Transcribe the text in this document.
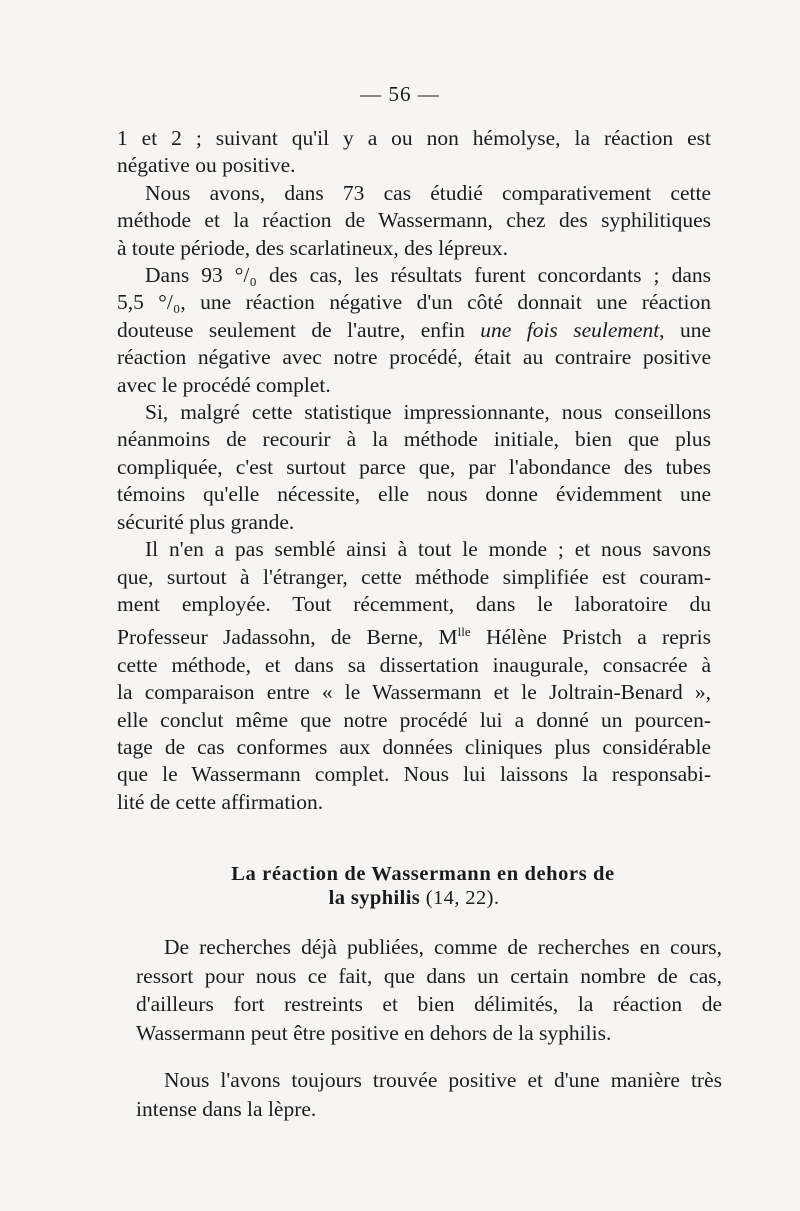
— 56 —

1 et 2 ; suivant qu'il y a ou non hémolyse, la réaction est
négative ou positive.

Nous avons, dans 73 cas étudié comparativement cette
méthode et la réaction de Wassermann, chez des syphilitiques
à toute période, des scarlatineux, des lépreux.

Dans 93 °/₀ des cas, les résultats furent concordants ; dans
5,5 °/₀, une réaction négative d'un côté donnait une réaction
douteuse seulement de l'autre, enfin une fois seulement, une
réaction négative avec notre procédé, était au contraire positive
avec le procédé complet.

Si, malgré cette statistique impressionnante, nous conseillons
néanmoins de recourir à la méthode initiale, bien que plus
compliquée, c'est surtout parce que, par l'abondance des tubes
témoins qu'elle nécessite, elle nous donne évidemment une
sécurité plus grande.

Il n'en a pas semblé ainsi à tout le monde ; et nous savons
que, surtout à l'étranger, cette méthode simplifiée est couram-
ment employée. Tout récemment, dans le laboratoire du
Professeur Jadassohn, de Berne, $M^{lle}$ Hélène Pristch a repris
cette méthode, et dans sa dissertation inaugurale, consacrée à
la comparaison entre « le Wassermann et le Joltrain-Benard »,
elle conclut même que notre procédé lui a donné un pourcen-
tage de cas conformes aux données cliniques plus considérable
que le Wassermann complet. Nous lui laissons la responsabi-
lité de cette affirmation.

La réaction de Wassermann en dehors de
la syphilis (14, 22).
De recherches déjà publiées, comme de recherches en cours,
ressort pour nous ce fait, que dans un certain nombre de cas,
d'ailleurs fort restreints et bien délimités, la réaction de
Wassermann peut être positive en dehors de la syphilis.
Nous l'avons toujours trouvée positive et d'une manière très
intense dans la lèpre.
